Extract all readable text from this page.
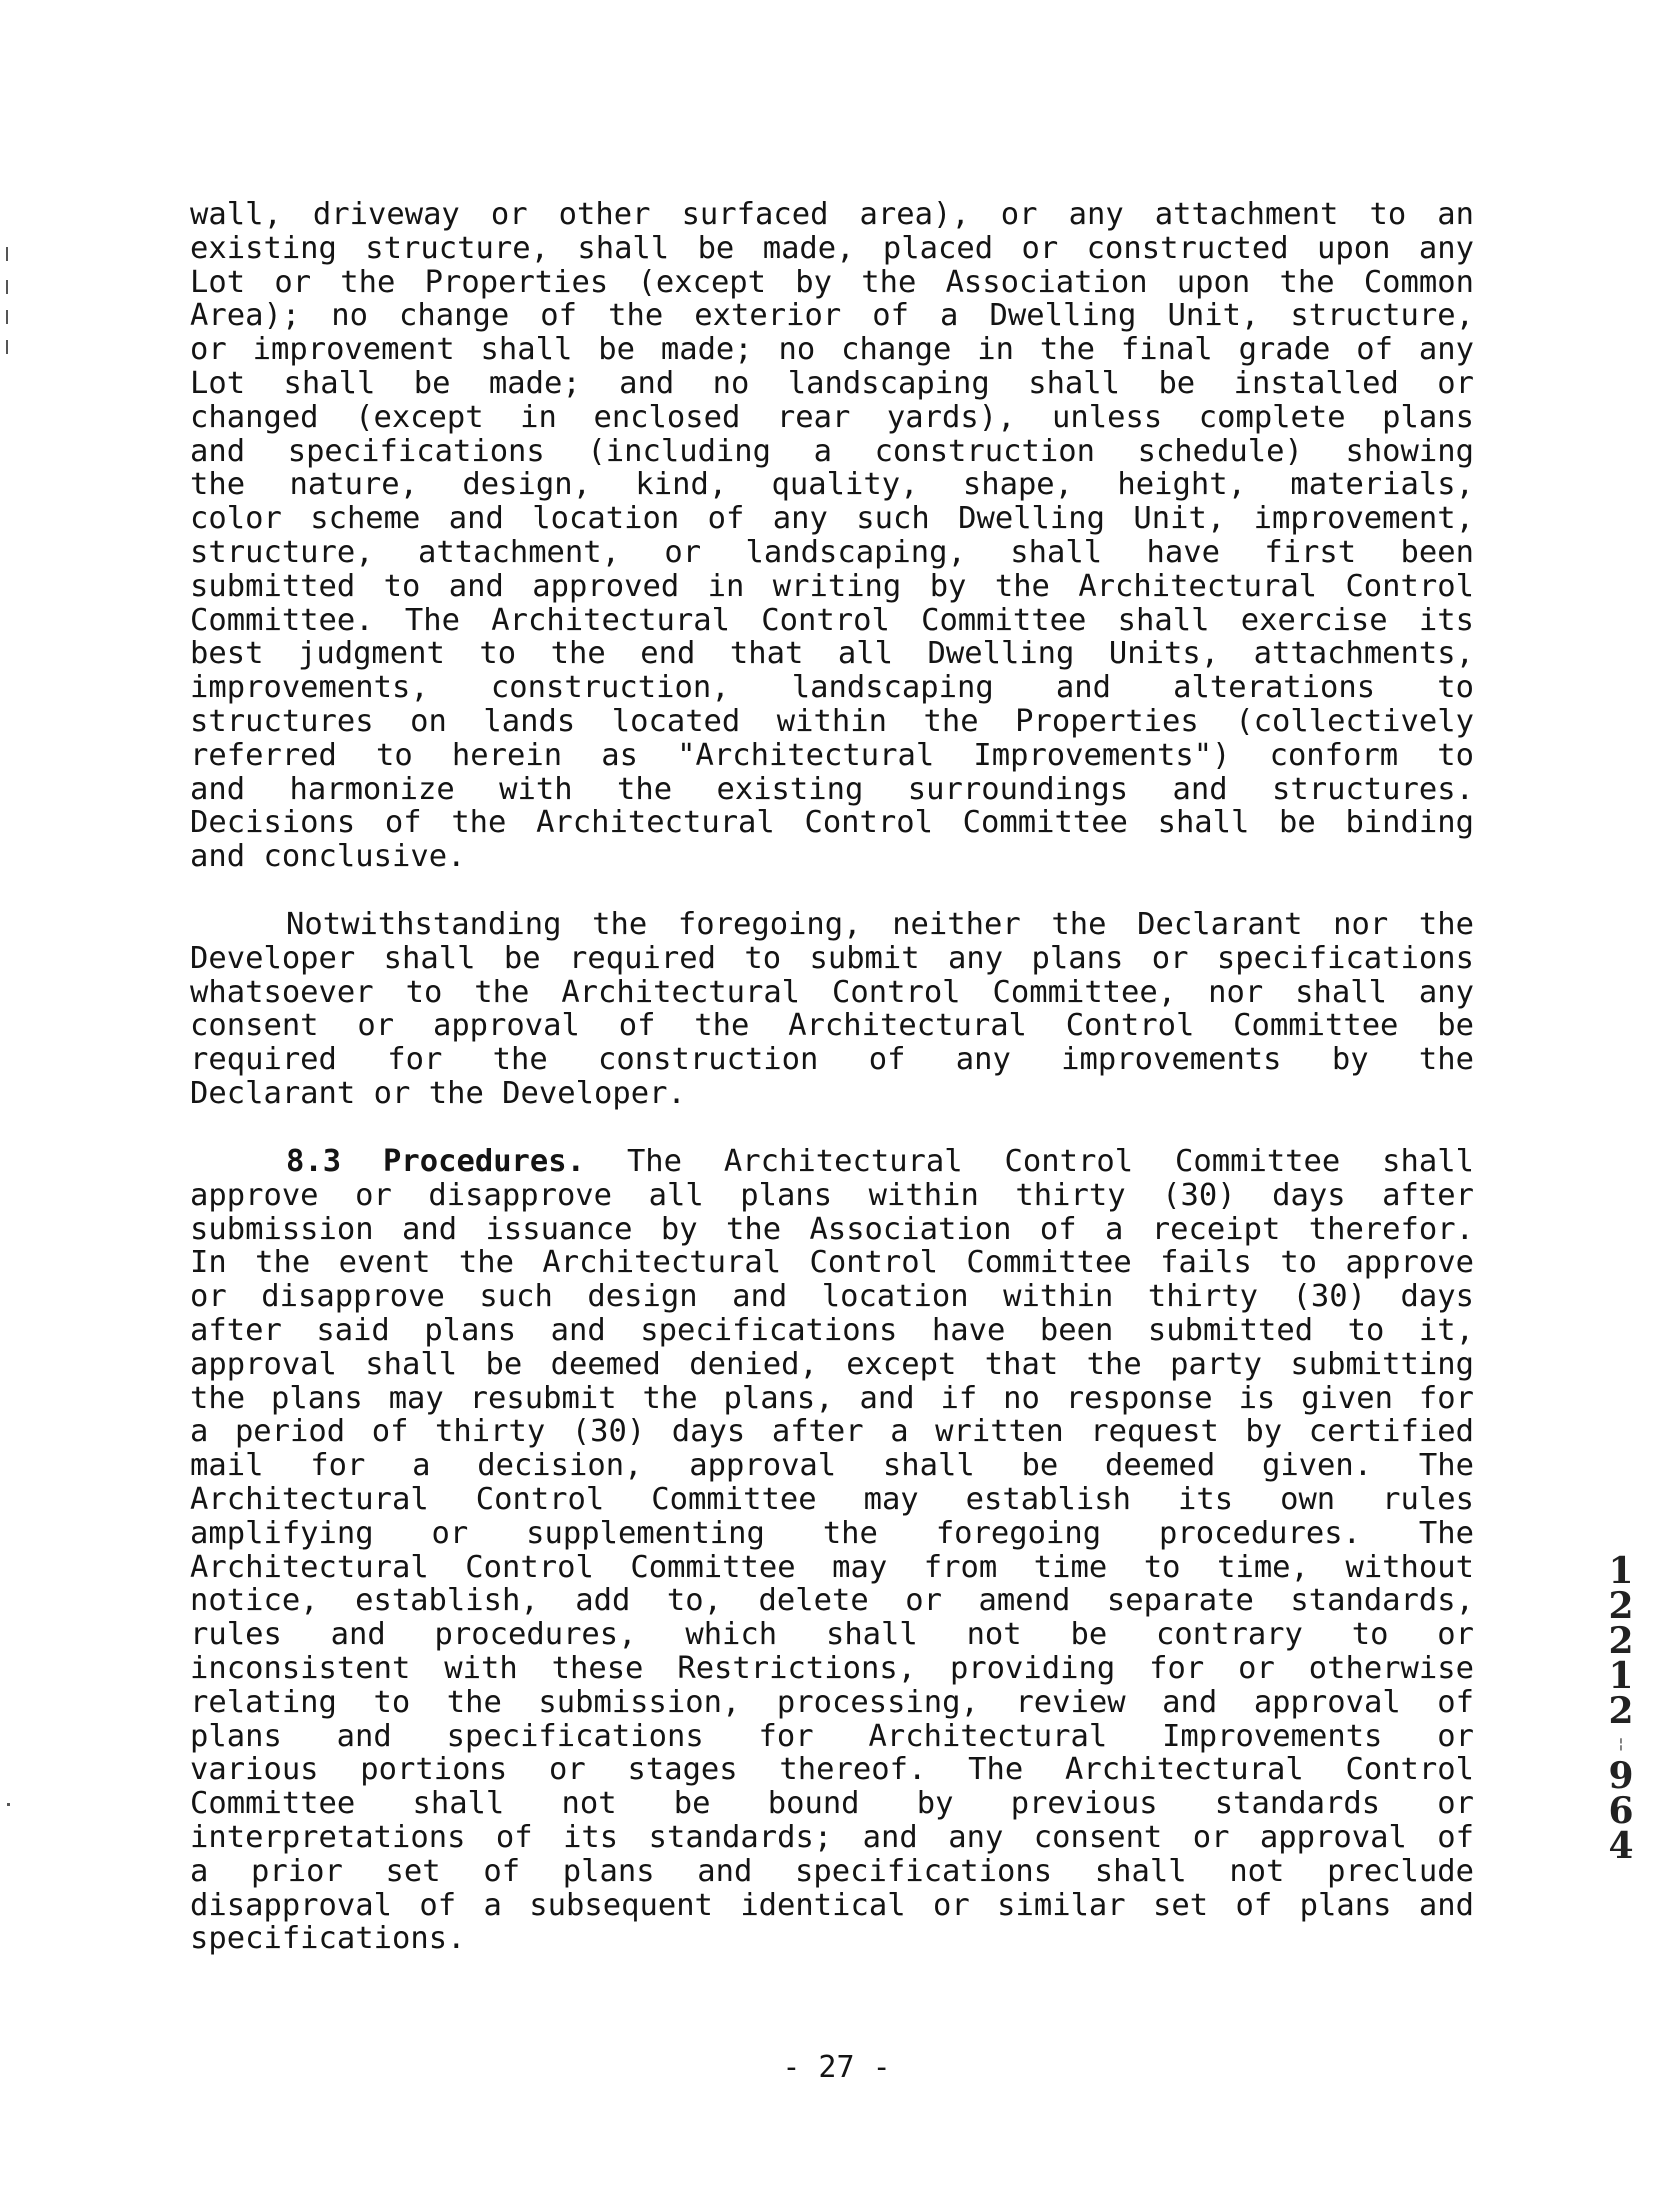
wall, driveway or other surfaced area), or any attachment to an
existing structure, shall be made, placed or constructed upon any
Lot or the Properties (except by the Association upon the Common
Area); no change of the exterior of a Dwelling Unit, structure,
or improvement shall be made; no change in the final grade of any
Lot shall be made; and no landscaping shall be installed or
changed (except in enclosed rear yards), unless complete plans
and specifications (including a construction schedule) showing
the nature, design, kind, quality, shape, height, materials,
color scheme and location of any such Dwelling Unit, improvement,
structure, attachment, or landscaping, shall have first been
submitted to and approved in writing by the Architectural Control
Committee. The Architectural Control Committee shall exercise its
best judgment to the end that all Dwelling Units, attachments,
improvements, construction, landscaping and alterations to
structures on lands located within the Properties (collectively
referred to herein as "Architectural Improvements") conform to
and harmonize with the existing surroundings and structures.
Decisions of the Architectural Control Committee shall be binding
and conclusive.
Notwithstanding the foregoing, neither the Declarant nor the
Developer shall be required to submit any plans or specifications
whatsoever to the Architectural Control Committee, nor shall any
consent or approval of the Architectural Control Committee be
required for the construction of any improvements by the
Declarant or the Developer.
8.3 Procedures. The Architectural Control Committee shall
approve or disapprove all plans within thirty (30) days after
submission and issuance by the Association of a receipt therefor.
In the event the Architectural Control Committee fails to approve
or disapprove such design and location within thirty (30) days
after said plans and specifications have been submitted to it,
approval shall be deemed denied, except that the party submitting
the plans may resubmit the plans, and if no response is given for
a period of thirty (30) days after a written request by certified
mail for a decision, approval shall be deemed given. The
Architectural Control Committee may establish its own rules
amplifying or supplementing the foregoing procedures. The
Architectural Control Committee may from time to time, without
notice, establish, add to, delete or amend separate standards,
rules and procedures, which shall not be contrary to or
inconsistent with these Restrictions, providing for or otherwise
relating to the submission, processing, review and approval of
plans and specifications for Architectural Improvements or
various portions or stages thereof. The Architectural Control
Committee shall not be bound by previous standards or
interpretations of its standards; and any consent or approval of
a prior set of plans and specifications shall not preclude
disapproval of a subsequent identical or similar set of plans and
specifications.
- 27 -
1
2
2
1
2
¦
9
6
4
